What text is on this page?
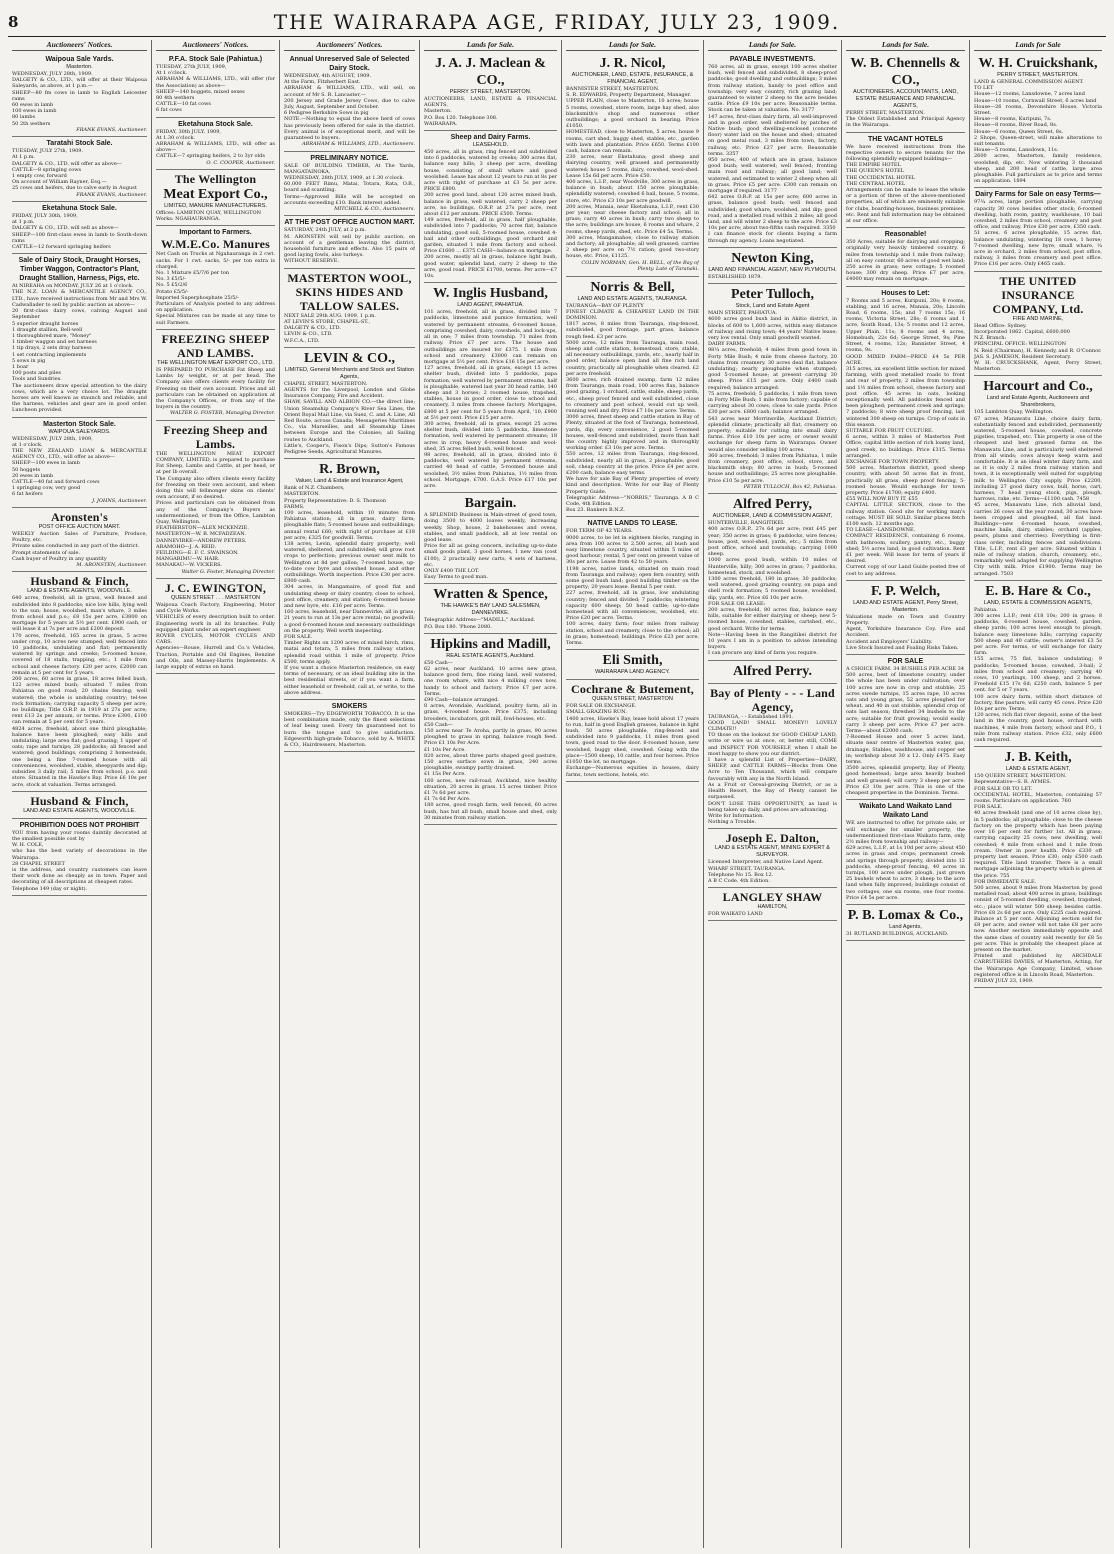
8	THE WAIRARAPA AGE, FRIDAY, JULY 23, 1909.
Auctioneers' Notices.
Waipoua Sale Yards.
Masterton.
WEDNESDAY, JULY 28th, 1909.
DALGETY & CO., LTD., will offer at their Waipoua Saleyards, as above, at 1 p.m.—
SHEEP—80 fm cows in lamb to English Leicester rams
60 ewes in lamb
100 ewes in lamb
80 lambs
50 2th wethers
FRANK EVANS, Auctioneer.
Taratahi Stock Sale.
TUESDAY, JULY 27th, 1909.
At 1 p.m.
DALGETY & CO., LTD. will offer as above—
CATTLE—8 springing cows
1 empty cow, forward
On account of William Rayner, Esq.—
25 cows and heifers, due to calve early in August
FRANK EVANS, Auctioneer.
Eketahuna Stock Sale.
FRIDAY, JULY 30th, 1909,
at 1 p.m.
DALGETY & CO., LTD. will sell as above—
SHEEP—100 first-class ewes in lamb to South-down rams
CATTLE—12 forward springing heifers
Sale of Dairy Stock, Draught Horses, Timber Waggon, Contractor's Plant, Draught Stallion, Harness, Pigs, etc.
At NIREAHA on MONDAY, JULY 26 at 1 o'clock.
THE N.Z. LOAN & MERCANTILE AGENCY CO., LTD., have received instructions from Mr and Mrs W. Cadwallader to sell by public auction as above—
20 first-class dairy cows, calving August and September
5 superior draught horses
1 draught stallion, Bell-well
1 thoroughbred mare, "Money"
1 timber waggon and set harness
1 tip drays, 2 sets dray harness
1 set contracting implements
5 sows in pig
1 boar
100 posts and piles
Tools and Sundries.
The auctioneers draw special attention to the dairy cows, which are a very choice lot. The draught horses are well known as staunch and reliable, and the harness, vehicles and gear are in good order. Luncheon provided.
Masterton Stock Sale.
WAIPOUA SALEYARDS.
WEDNESDAY, JULY 28th, 1909,
at 1 o'clock.
THE NEW ZEALAND LOAN & MERCANTILE AGENCY CO., LTD., will offer as above—
SHEEP—100 ewes in lamb
50 hoggets
20 ewes in lamb
CATTLE—40 fat and forward cows
1 springing cow, very good
6 fat heifers
J. JOHNS, Auctioneer.
Aronsten's
POST OFFICE AUCTION MART.
WEEKLY Auction Sales of Furniture, Produce, Poultry, etc.
Private sales conducted in any part of the district.
Prompt statements of sale.
Cash buyer of Poultry in any quantity
M. ARONSTEN, Auctioneer.
Husband & Finch,
LAND & ESTATE AGENTS, WOODVILLE.
640 acres, freehold, all in grass, well fenced and subdivided into 8 paddocks; nice low hills, lying well to the sun; house, woolshed, man's whare, 3 miles from school and p.o.; £8 15s per acre, £3800 on mortgage for 5 years at 5½ per cent. £900 cash, or will lease it at 7s per acre and £200 deposit.
170 acres, freehold, 165 acres in grass, 5 acres under crop, 10 acres new stumped; well fenced into 10 paddocks, undulating and flat; permanently watered by springs and creeks; 5-roomed house, covered of 18 stalls, trapping, etc.; 1 mile from school and cheese factory. £20 per acre, £2000 can remain at 5 per cent for 5 years.
200 acres, 60 acres in grass, 18 acres felled bush, 122 acres mixed bush; situated 7 miles from Pahiatua on good road; 20 chains fencing; well watered; the whole is undulating country; tel-tee rock formation; carrying capacity 5 sheep per acre; no buildings; Title O.R.P. in 1919 at 27s per acre; rent £13 2s per annum, or terms. Price £300, £100 can remain at 5 per cent for 5 years.
4824 acres, freehold, about one third ploughable; balance have been ploughed; easy hills and undulating; large area flat; good grazing; 1 upper of oats; rape and turnips; 28 paddocks; all fenced and watered; good buildings, comprising 2 homesteads, one being a fine 7-roomed house with all conveniences, woolshed, stable, sheepyards and dip; subsidies 3 daily rail; 5 miles from school, p.o. and store. Situated in the Hawke's Bay. Price £6 10s per acre, stock at valuation. Terms arranged.
Husband & Finch,
LAND AND ESTATE AGENTS, WOODVILLE.
PROHIBITION DOES NOT PROHIBIT
YOU from having your rooms daintily decorated at the smallest possible cost by
W. H. COLE,
who has the best variety of decorations in the Wairarapa.
28 CHAPEL STREET
is the address, and country customers can leave their work done as cheaply as in town. Paper and decorating of all descriptions at cheapest rates.
Telephone 149 (day or night).
Auctioneers' Notices.
P.F.A. Stock Sale (Pahiatua.)
TUESDAY, 27th JULY, 1909,
At 1 o'clock.
ABRAHAM & WILLIAMS, LTD., will offer (for the Association) as above—
SHEEP—140 hoggets, mixed sexes
80 4th wethers
CATTLE—10 fat cows
6 fat cows
Eketahuna Stock Sale.
FRIDAY, 30th JULY, 1909,
At 1.30 o'clock.
ABRAHAM & WILLIAMS, LTD., will offer as above—
CATTLE—7 springing heifers, 2 to 3yr olds
O. C. COOPER, Auctioneer.
The Wellington
Meat Export Co.,
LIMITED, MANURE MANUFACTURERS.
Offices: LAMBTON QUAY, WELLINGTON
Works: NGAHAURANGA.
Important to Farmers.
W.M.E.Co. Manures
Net Cash on Trucks at Ngahauranga in 2 cwt. sacks. For 1 cwt. sacks, 5/- per ton extra is charged.
No. 1 Mixture £5/7/6 per ton
No. 3 £5/5/-
No. 5 £5/2/6
Potato £5/5/-
Imported Superphosphate 25/5/-
Particulars of Analysis posted to any address on application.
Special Mixtures can be made at any time to suit Farmers.
FREEZING SHEEP AND LAMBS.
THE WELLINGTON MEAT EXPORT CO., LTD.
IS PREPARED TO PURCHASE Fat Sheep and Lambs by weight, or at per head. The Company also offers clients every facility for Freezing on their own account. Prices and all particulars can be obtained on application at the Company's Offices, or from any of the buyers in the country.
WALTER G. FOSTER, Managing Director.
Freezing Sheep and Lambs.
THE WELLINGTON MEAT EXPORT COMPANY, LIMITED, is prepared to purchase Fat Sheep, Lambs and Cattle, at per head, or at per lb overall.
The Company also offers clients every facility for freezing on their own account, and when doing this will fellmonger skins on clients' own account, if so desired.
Prices and particulars can be obtained from any of the Company's Buyers as undermentioned, or from the Office, Lambton Quay, Wellington.
FEATHERSTON—ALEX MCKENZIE.
MASTERTON—W. B. MCFADZEAN.
DANNEVIRKE—ANDREW PETERS.
ARAMOHO—J. A. REID.
FEILDING—E. F. C. SWAINSON.
MANGARIMU—W. HAIR.
MANAKAU—W. VICKERS.
Walter G. Foster, Managing Director.
J. C. EWINGTON,
QUEEN STREET . . . MASTERTON
Waipoua Coach Factory, Engineering, Motor and Cycle Works.
VEHICLES of every description built to order. Engineering work in all its branches. Fully equipped plant under an expert engineer.
ROVER CYCLES, MOTOR CYCLES AND CARS.
Agencies—Rouse, Hurrell and Co.'s Vehicles, Traction, Portable and Oil Engines, Benzine and Oils, and Massey-Harris Implements. A large supply of extras on hand.
Auctioneers' Notices.
Annual Unreserved Sale of Selected Dairy Stock.
WEDNESDAY, 4th AUGUST, 1909.
At the Farm, Fitzherbert East.
ABRAHAM & WILLIAMS, LTD., will sell, on account of Mr S. R. Lancaster,—
200 Jersey and Grade Jersey Cows, due to calve July, August, September and October.
6 Pedigree Berkshire Sows in pig
NOTE.—Nothing to equal the above herd of cows has previously been offered for sale in the district. Every animal is of exceptional merit, and will be guaranteed to buyers.
ABRAHAM & WILLIAMS, LTD., Auctioneers.
PRELIMINARY NOTICE.
SALE OF BUILDING TIMBER, At The Yards, MANGATAINOKA,
WEDNESDAY, 28th JULY, 1909, at 1.30 o'clock.
60,000 FEET Rimu, Matai, Totara, Rata, O.B., board and scantling.
Terms—Approved Bills will be accepted on accounts exceeding £10. Bank interest added.
MITCHELL & CO., Auctioneers.
AT THE POST OFFICE AUCTION MART.
SATURDAY, 24th JULY, at 2 p.m.
M. ARONSTEN will sell by public auction, on account of a gentleman leaving the district, household furniture and effects. Also 15 pairs of good laying fowls, also turkeys.
WITHOUT RESERVE.
MASTERTON WOOL, SKINS HIDES AND TALLOW SALES.
NEXT SALE 29th AUG. 1909, 1 p.m.
AT LEVIN'S STORE, CHAPEL-ST.,
DALGETY & CO., LTD.
LEVIN & CO., LTD.
W.F.C.A., LTD.
LEVIN & CO.,
LIMITED, General Merchants and Stock and Station Agents,
CHAPEL STREET, MASTERTON.
AGENTS for the Liverpool, London and Globe Insurance Company, Fire and Accident.
SHAW, SAVILL AND ALBION CO.—the direct line; Union Steamship Company's River Sea Lines, the Orient Royal Mail Line, via Suez, C. and A. Line, All Red Route, across Canada; Messageries Maritimes Co., via Marseilles, and all Steamship Lines between Europe and the Colonies; all Sailing routes to Auckland.
Little's, Cooper's, Fison's Dips; Sutton's Famous Pedigree Seeds, Agricultural Manures.
R. Brown,
Valuer, Land & Estate and Insurance Agent,
Bank of N.Z. Chambers,
MASTERTON.
Property Representative: D. S. Thomson
FARMS.
100 acres, leasehold, within 10 minutes from Pahiatua station; all in grass, dairy farm; ploughable flats; 5-roomed house and outbuildings; annual rental £60; with right of purchase at £18 per acre; £325 for goodwill. Terms.
138 acres, Levin, splendid dairy property; well watered, sheltered, and subdivided; will grow root crops to perfection; previous owner sent milk to Wellington at 8d per gallon; 7-roomed house, up-to-date cow byre and cowshed house, and other outbuildings. Worth inspection. Price £30 per acre. £800 cash.
304 acres, in Mangamaire, of good flat and undulating sheep or dairy country, close to school, post office, creamery, and station; 6-roomed house and new byre, etc. £16 per acre. Terms.
160 acres, leasehold, near Dannevirke, all in grass; 21 years to run at 13s per acre rental; no goodwill; a good 6-roomed house and necessary outbuildings on the property. Well worth inspecting.
FOR SALE.
Timber Rights on 1200 acres of mixed birch, rimu, matai and totara, 5 miles from railway station, splendid road within 1 mile of property. Price £500, terms apply.
If you want a choice Masterton residence, on easy terms of necessary, or an ideal building site in the best residential streets, or if you want a farm, either leasehold or freehold, call at, or write, to the above address.
SMOKERS
SMOKERS—Try EDGEWORTH TOBACCO. It is the best combination made, only the finest selections of leaf being used. Every tin guaranteed not to burn the tongue and to give satisfaction. Edgeworth high-grade Tobacco, sold by A. WHITE & CO., Hairdressers, Masterton.
Lands for Sale.
J. A. J. Maclean & CO.,
PERRY STREET, MASTERTON.
AUCTIONEERS, LAND, ESTATE & FINANCIAL AGENTS,
Masterton.
P.O. Box 120. Telephone 308.
WAIRARAPA.
Sheep and Dairy Farms.
LEASEHOLD.
450 acres, all in grass, ring fenced and subdivided into 6 paddocks, watered by creeks; 300 acres flat, balance easy hills; 3 sheep per acre, dwelling house, consisting of small whare and good woolshed. Lease has about 12 years to run at 8s per acre with right of purchase at £3 5s per acre. PRICE £800.
200 acres good land, about 120 acres mixed bush, balance in grass, well watered, carry 2 sheep per acre, no buildings, O.R.P. at 27s per acre, rent about £12 per annum. PRICE £500. Terms.
149 acres, freehold, all in grass, half ploughable, subdivided into 7 paddocks; 70 acres flat, balance undulating, good soil, 5-roomed house, cowshed 4-bail and other outbuildings, good orchard and garden, situated 1 mile from factory and school. Price £1600 ... £375 CASH—balance on mortgage.
200 acres, mostly all in grass, balance light bush, good water, splendid land, carry 2 sheep to the acre, good road. PRICE £1700, terms. Per acre—£7 10s.
W. Inglis Husband,
LAND AGENT, PAHIATUA.
101 acres, freehold, all in grass, divided into 7 paddocks, limestone and pumice formation, well watered by permanent streams, 6-roomed house, comprising cowshed, dairy, cowsheds, and lock-ups, all in one; 7 miles from township. 71 miles from railway. Price £7 per acre. The house and outbuildings are insured for £375. 1 mile from school and creamery. £3000 can remain on mortgage at 5½ per cent. Price £16 15s per acre.
127 acres, freehold, all in grass, except 15 acres shelter bush, divided into 5 paddocks, papa formation, well watered by permanent streams, half is ploughable, watered last year 30 head cattle, 140 sheep and 3 horses; 2 roomed house, trapshed, stables, house in good order, close to school and creamery, 3 miles from cheese factory. Mortgages, £800 at 5 per cent for 5 years from April, '10, £900 at 5½ per cent. Price £15 per acre.
300 acres, freehold, all in grass, except 25 acres shelter bush, divided into 5 paddocks, limestone formation, well watered by permanent streams; 18 acres in crop, heavy 6-roomed house and wool-shed, 35 acres felled bush, well fenced.
98 acres, freehold, all in grass, divided into 6 paddocks, well watered by permanent streams, carried 40 head of cattle, 5-roomed house and woolshed, 3½ miles from Pahiatua, 1½ miles from school. Mortgage, £700. G.A.S. Price £17 10s per acre.
Bargain.
A SPLENDID Business in Main-street of good town, doing 3500 to 4000 loaves weekly, increasing weekly. Shop, house, 2 bakehouses and ovens, stables, and small paddock, all at low rental on good lease.
Price for all as going concern, including up-to-date small goods plant, 3 good horses, 1 new van (cost £100), 2 practically new carts, 4 sets of harness, etc.
ONLY £400 THE LOT.
Easy Terms to good man.
Wratten & Spence,
THE HAWKE'S BAY LAND SALESMEN, DANNEVIRKE.
Telegraphic Address—"MADILL," Auckland.
P.O. Box 180. 'Phone 2080.
Hipkins and Madill,
REAL ESTATE AGENTS, Auckland.
£50 Cash—
62 acres, near Auckland, 10 acres new grass, balance good fern, fine rising land, well watered, one room whare, with nice 4 milking cows now, handy to school and factory. Price £7 per acre. Terms.
£90 Cash—balance arranged.
8 acres, Avondale, Auckland, poultry farm, all in grass, 4-roomed house. Price £375, including brooders, incubators, grit mill, fowl-houses, etc.
£50 Cash—
150 acres near Te Aroha, partly in grass, 90 acres ploughed to grass in spring, balance rough feed. Price £1 10s Per Acre.
£1 10s Per Acre.
820 acres, about three parts shaped good pasture, 150 acres surface sown in grass, 240 acres ploughable, swampy partly drained.
£1 15s Per Acre.
160 acres, new rail-road, Auckland, nice healthy situation, 20 acres in grass, 15 acres timber. Price £1 7s 6d per acre.
£1 7s 6d Per Acre.
180 acres, good rough farm, well fenced, 60 acres bush, has hut all bush, small house and shed, only 30 minutes from railway station.
Lands for Sale.
J. R. Nicol,
AUCTIONEER, LAND, ESTATE, INSURANCE, & FINANCIAL AGENT,
BANNISTER STREET, MASTERTON.
S. R. EDWARDS, Property Department, Manager.
UPPER PLAIN, close to Masterton, 10 acres; house 5 rooms, cowshed, store room, large hay shed, also blacksmith's shop and numerous other outbuildings; a good orchard in bearing. Price £1050.
HOMESTEAD, close to Masterton, 5 acres, house 9 rooms, cart shed, buggy shed, stables, etc., garden with lawn and plantation. Price £650. Terms £100 cash, balance can remain.
230 acres, near Eketahuna; good sheep and dairying country, well grassed and permanently watered; house 5 rooms, dairy, cowshed, wool-shed. Lease 15s 6d per acre. Price £50.
400 acres, L.I.P., near Woodville, 300 acres in grass, balance in bush; about 150 acres ploughable; splendidly watered; cowshed 6 bail, house, 5 rooms, store, etc. Price £3 10s per acre goodwill.
200 acres, Manaia, near Eketahuna, L.I.P., rent £30 per year; near cheese factory and school; all in grass; carry 40 acres in bush; carry two sheep to the acre; buildings are house, 6 rooms and whare, 2 rooms, sheep yards, shed, etc. Price £4 5s. Terms.
300 acres, Mangamahoe, close to railway station and factory; all ploughable; all well grassed; carries 2 sheep per acre on 7½ ration; good two-story house, etc. Price, £1125.
COLIN NORMAN, Gen. H. BELL, of the Bay of Plenty. Late of Taranaki.
Norris & Bell,
LAND AND ESTATE AGENTS, TAURANGA.
TAURANGA—BAY OF PLENTY
FINEST CLIMATE & CHEAPEST LAND IN THE DOMINION.
1817 acres, 8 miles from Tauranga, ring-fenced, subdivided, good frontage, part grass, balance rough feed. £3 per acre.
5000 acres, 12 miles from Tauranga, main road, sheep and cattle station, homestead, store, stable, all necessary outbuildings, yards, etc., nearly half in good order, balance open land all fine rich land country, practically all ploughable when cleared. £2 per acre freehold.
3600 acres, rich drained swamp, farm 12 miles from Tauranga, main road, 100 acres flax, balance good grazing, 1 orchard, cattle, stable, sheep yards, etc., sheep proof fenced and well subdivided, close to creamery and post school, would cut up well, running well and dry. Price £7 10s per acre. Terms.
3000 acres, finest sheep and cattle station in Bay of Plenty, situated at the foot of Tauranga, homestead, yards, dip, every convenience, 2 good 5-roomed houses, well-fenced and subdivided, more than half the country highly improved and in thoroughly working order. £3 10s per acre. Terms.
550 acres, 12 miles from Tauranga, ring-fenced, subdivided, nearly all in grass, 2 ploughable, good soil, cheap country at the price. Price £4 per acre. £200 cash, balance easy terms.
We have for sale Bay of Plenty properties of every kind and description. Write for our Bay of Plenty Property Guide.
Telegraphic Address—"NORRIS," Tauranga. A B C Code, 4th Edition.
Box 23. Bankers B.N.Z.
NATIVE LANDS TO LEASE.
FOR TERM OF 42 YEARS.
9000 acres, to be let in eighteen blocks, ranging in area from 100 acres to 2,500 acres, all bush and easy limestone country, situated within 5 miles of good harbour; rental, 5 per cent on present value of 30s per acre. Lease from 42 to 50 years.
1198 acres, native lands, situated on main road from Tauranga and railway; open fern country, with some good bush land; good building timber on the property; 20 years lease. Rental 5 per cent.
227 acres, freehold, all in grass, low undulating country; fenced and divided; 7 paddocks; wintering capacity 600 sheep; 50 head cattle; up-to-date homestead with all conveniences, woolshed, etc. Price £20 per acre. Terms.
100 acres, dairy farm; four miles from railway station, school and creamery, close to the school; all in grass; homestead; buildings. Price £23 per acre. Terms.
Eli Smith,
WAIRARAPA LAND AGENCY.
Cochrane & Butement,
QUEEN STREET, MASTERTON
FOR SALE OR EXCHANGE.
SMALL GRAZING RUN.
1400 acres, Hawke's Bay, lease hold about 17 years to run, half in good English grasses, balance in light bush, 50 acres ploughable, ring-fenced and subdivided into 9 paddocks, 11 miles from good town, good road to the door. 6-roomed house, new woolshed, buggy shed, cowshed. Going with the place—1500 sheep, 10 cattle, and four horses. Price £1050 the lot, no mortgage.
Exchange—Numerous equities in houses, dairy farms, town sections, hotels, etc.
Lands for Sale.
PAYABLE INVESTMENTS.
760 acres, all in grass, except 100 acres shelter bush, well fenced and subdivided, 8 sheep-proof paddocks; good dwelling and outbuildings; 3 miles from railway station, handy to post office and township; very easy country, rich grazing land; guaranteed to winter 2 sheep to the acre besides cattle. Price £9 10s per acre. Reasonable terms. Stock can be taken at valuation. No. 3177
147 acres, first-class dairy farm, all well-improved and in good order, well sheltered by patches of Native bush; good dwelling-enclosed (concrete floor) water laid on the house and shed; situated on good metal road, 3 miles from town, factory, railway, etc. Price £27 per acre. Reasonable terms. 3357
950 acres, 400 of which are in grass, balance good bush; well watered; well fenced; fronting main road and railway; all good land; well watered, and estimated to winter 2 sheep when all in grass. Price £5 per acre. £300 can remain on mortgage if required. 3177
642 acres O.R.P. at 15s per acre; 600 acres in grass, balance good bush; well fenced and subdivided; good whare, woolshed, and dip; good road, and a metalled road within 2 miles; all good land, and will winter 2 sheep to the acre. Price £3 10s per acre; about two-fifths cash required. 3350
I can finance stock for clients buying a farm through my agency. Loans negotiated.
Newton King,
LAND AND FINANCIAL AGENT, NEW PLYMOUTH.
ESTABLISHED 1879.
Peter Tulloch,
Stock, Land and Estate Agent
MAIN STREET, PAHIATUA.
4600 acres good bush land in Akitio district, in blocks of 600 to 1,600 acres, within easy distance of railway and rising town; 44 years' Native lease; very low rental. Only small goodwill wanted.
DAIRY FARMS.
98¼ acres, freehold; 4 miles from good town in Forty Mile Bush; 4 mile from cheese factory, 20 chains from creamery. 30 acres deal flat, balance undulating; nearly ploughable when stumped; good 5-roomed house; at present carrying 30 sheep. Price £15 per acre. Only £400 cash required; balance arranged.
75 acres, freehold; 5 paddocks; 1 mile from town in Forty Mile Bush; 1 mile from factory; capable of carrying about 30 cows; close to sale yards. Price £30 per acre. £800 cash; balance arranged.
543 acres near Morrinsville, Auckland District; splendid climate; practically all flat, creamery on property; suitable for cutting into small dairy farms. Price £10 10s per acre; or owner would exchange for sheep farm in Wairarapa. Owner would also consider selling 100 acres.
360 acres, freehold; 3 miles from Pahiatua, 1 mile from creamery, post office, school, store, and blacksmith shop; 80 acres in bush; 5-roomed house and outbuildings; 25 acres now ploughable. Price £10 5s per acre.
PETER TULLOCH, Box 42, Pahiatua.
Alfred Perry,
AUCTIONEER, LAND & COMMISSION AGENT,
HUNTERVILLE, RANGITIKEI.
400 acres O.R.P., 27s 6d per acre; rent £45 per year; 350 acres in grass; 6 paddocks, wire fences; house, post, wool-shed, yards, etc.; 5 miles from post office, school and township; carrying 1000 sheep.
1000 acres good bush, within 10 miles of Hunterville, hilly; 300 acres in grass; 7 paddocks, homestead, stock, and woolshed.
1300 acres freehold, 180 in grass; 30 paddocks; well watered, good grazing country, on papa and shell rock formation; 5 roomed house, woolshed, dip, yards, etc. Price £6 10s per acre.
FOR SALE OR LEASE:
200 acres, freehold, 80 acres flax, balance easy hills, suitable for either dairying or sheep; new 5-roomed house, cowshed, stables, cartshed, etc., good orchard. Write for terms.
Note—Having been in the Rangitikei district for 10 years I am in a position to advise intending buyers.
I can procure any kind of farm you require.
Alfred Perry.
Bay of Plenty - - - Land Agency,
TAURANGA, - - Established 1891.
GOOD LAND! SMALL MONEY!! LOVELY CLIMATE!!
TO those on the lookout for GOOD CHEAP LAND, write or wire us at once, or, better still, COME and INSPECT FOR YOURSELF, when I shall be most happy to show you our district.
I have a splendid List of Properties—DAIRY, SHEEP, and CATTLE FARMS—Blocks from One Acre to Ten Thousand, which will compare favourably with any in the North Island.
As a Fruit or Cereal-growing District, or as a Health Resort, the Bay of Plenty cannot be surpassed.
DON'T LOSE THIS OPPORTUNITY, as land is being taken up daily, and prices are advancing.
Write for Information.
Nothing a Trouble.
Joseph E. Dalton,
LAND & ESTATE AGENT, MINING EXPERT & SURVEYOR.
Licensed Interpreter, and Native Land Agent.
WHARF STREET, TAURANGA.
Telephone No 15. Box 12.
A B C Code. 4th Edition.
LANGLEY SHAW
HAMILTON,
FOR WAIKATO LAND
Lands for Sale.
W. B. Chennells & CO.,
AUCTIONEERS, ACCOUNTANTS, LAND, ESTATE INSURANCE AND FINANCIAL AGENTS,
PERRY STREET, MASTERTON.
The Oldest Established and Principal Agency in the Wairarapa.
THE VACANT HOTELS
We have received instructions from the respective owners to secure tenants for the following splendidly equipped buildings—
THE EMPIRE HOTEL
THE QUEEN'S HOTEL
THE OCCIDENTAL HOTEL
THE CENTRAL HOTEL
Arrangements can be made to lease the whole or a portion of three of the above-mentioned properties, all of which are eminently suitable for clubs, boarding-houses, business premises, etc. Rent and full information may be obtained at our office.
Reasonable!
350 Acres, suitable for dairying and cropping; originally very heavily timbered country, 6 miles from township and 1 mile from railway; all on easy contour, 60 acres of good wet land; 250 acres in grass; new cottage; 5 roomed house; 300 dry sheep. Price £7 per acre, £4000 may remain on mortgage.
Houses to Let:
7 Rooms and 5 acres, Kuripuni, 20s; 8 rooms, stabling, and 16 acres, Manaia, 20s; Lincoln Road, 6 rooms, 15s; and 7 rooms 15s; 16 rooms, Victoria Street, 28s; 6 rooms and 1 acre, South Road, 13s; 5 rooms and 12 acres, Upper Plain, 11s; 8 rooms and 4 acres, Homebush, 22s 6d; George Street, 9s; Pine Street, 4 rooms, 12s; Bannister Street, 4 rooms, 9s.
GOOD MIXED FARM—PRICE £4 5s PER ACRE.
315 acres, an excellent little section for mixed farming, with good metalled roads to front and rear of property, 2 miles from township and 1½ miles from school, cheese factory and post office. 45 acres in oats, looking exceptionally well. All paddocks fenced and been ploughed; permanent creek and springs; 7 paddocks; 8 wire sheep proof fencing, last wintered 300 sheep on turnips. Crop of oats in this season.
SUITABLE FOR FRUIT CULTURE.
6 acres, within 3 miles of Masterton Post Office, capital little section of rich loamy land, good creek, no buildings. Price £315. Terms arranged.
EXCHANGE FOR TOWN PROPERTY.
500 acres, Masterton district, good sheep country, with about 50 acres flat in front, practically all grass, sheep proof fencing, 5-roomed house. Would exchange for town property. Price £1700; equity £400.
£55 WILL NOW BUY IT. £55
CAPITAL LITTLE SECTION, close to the railway station. Good site for working man's cottage. MUST BE SOLD. Similar places fetch £100 each. 12 months ago.
TO LEASE—LANSDOWNE.
COMPACT RESIDENCE, containing 6 rooms, with bathroom, scullery, pantry, etc., buggy shed; 5½ acres land, in good cultivation. Rent £1 per week. Will lease for term of years if desired.
Current copy of our Land Guide posted free of cost to any address.
F. P. Welch,
LAND AND ESTATE AGENT, Perry Street, Masterton.
Valuations made on Town and Country Property.
Agent, Yorkshire Insurance Coy. Fire and Accident.
Accident and Employers' Liability.
Live Stock Insured and Foaling Risks Taken.
FOR SALE
A CHOICE FARM. 34 BUSHELS PER ACRE 34
500 acres, best of limestone country, under the whole has been under cultivation; over 100 acres are now in crop and stubble, 25 acres swede turnips, 15 acres rape, 10 acres oats and young grass, 52 acres ploughed for wheat, and 40 in oat stubble, splendid crop of oats last season; threshed 34 bushels to the acre; suitable for fruit growing; would easily carry 3 sheep per acre. Price £7 per acre. Terms—about £2000 cash.
7-Roomed House and over 5 acres land, situate near centre of Masterton water, gas, drainage, Stables, washhouse, and copper set in; workshop about 30 x 12. Only £475. Easy terms.
3500 acres, splendid property, Bay of Plenty, good homestead; large area heavily bushed and well grassed; will carry 3 sheep per acre. Price £3 10s per acre. This is one of the cheapest properties in the Dominion. Terms.
Waikato Land Waikato Land Waikato Land
WE are instructed to offer, for private sale, or will exchange for smaller property, the undermentioned first-class Waikato farm, only 2½ miles from township and railway—
629 acres, L.I.P., at 1s 10d per acre; about 450 acres in grass and crops; permanent creek and springs through property, divided into 12 paddocks, sheep-proof fencing, 40 acres in turnips, 100 acres under plough, just grown 25 bushels wheat to acre, 3 sheep to the acre land when fully improved; buildings consist of two cottages, one six rooms, one four rooms. Price £4 5s per acre.
P. B. Lomax & Co.,
Land Agents,
31 RUTLAND BUILDINGS, AUCKLAND.
Lands for Sale
W. H. Cruickshank,
PERRY STREET, MASTERTON.
LAND & GENERAL COMMISSION AGENT.
TO LET
House—12 rooms, Lansdowne, 7 acres land
House—10 rooms, Cornwall Street, 6 acres land
House—26 rooms, Devonshire House, Victoria Street.
House—8 rooms, Kuripuni, 7s.
House—8 rooms, River Road, 8s.
House—6 rooms, Queen Street, 8s.
2 Shops, Queen-street, will make alterations to suit tenants.
House—5 rooms, Lansdown, 11s.
2600 acres, Masterton, family residence, woolshed, dip, etc. Now wintering 3 thousand sheep, and 200 head of cattle, large area ploughable. Full particulars as to price and terms on application. 1894
Dairy Farms for Sale on easy Terms—
97¼ acres, large portion ploughable, carrying capacity 30 cows besides other stock; 6-roomed dwelling, bath room, pantry, washhouse, 10 bail cowshed, 2 miles from school, creamery and post office, and railway. Price £30 per acre, £350 cash.
51 acres, 6 acres ploughable, 15 acres flat, balance undulating, wintering 18 cows, 1 horse; 7-roomed dwelling, new byre, small whare, ¼ acre in orchard, 2 miles from school, post office, railway, 3 miles from creamery and post office. Price £16 per acre. Only £465 cash.
THE UNITED INSURANCE COMPANY, Ltd.
FIRE AND MARINE,
Head Office: Sydney.
Incorporated 1862. Capital, £600,000
N.Z. Branch:
PRINCIPAL OFFICE: WELLINGTON
N. Reid (Chairman), H. Kennedy, and R. O'Connor.
JAS. S. JAMESON, Resident Secretary.
W. H. CRUICKSHANK, Agent, Perry Street, Masterton.
Harcourt and Co.,
Land and Estate Agents, Auctioneers and Sharebrokers,
105 Lambton Quay, Wellington.
67 acres, Manawatu Line, choice dairy farm, substantially fenced and subdivided, permanently watered, 5-roomed house, cowshed, concrete pigsties, trapshed, etc. This property is one of the cheapest and best grassed farms on the Manawatu Line, and is particularly well sheltered from all winds; cows always keep warm and comfortable. It is an ideal winter dairy farm, and as it is only 2 miles from railway station and town, it is exceptionally well suited for supplying milk to Wellington City supply. Price £2200, including 27 good dairy cows, bull, horse, cart, harness, 7 head young stock, pigs, plough, harrows, rake, etc. Terms—£1100 cash. 7458
45 acres, Manawatu Line, rich alluvial land, carries 26 cows all the year round, 30 acres have been cropped and ploughed, all flat land. Buildings—new 6-roomed house, cowshed, machine bails, dairy, stables; orchard (apples, pears, plums and cherries). Everything is first-class order, including fences and subdivisions. Title, L.I.P., rent £3 per acre. Situated within 1 mile of railway station, church, creamery, etc., remarkably well adapted for supplying Wellington City with milk. Price £1900. Terms may be arranged. 7503
E. B. Hare & Co.,
LAND, ESTATE & COMMISSION AGENTS,
Pahiatua.
300 acres L.I.P.; rent £18 10s; 200 in grass; 8 paddocks, 6-roomed house, cowshed, garden, sheep yards; 100 acres level enough to plough, balance easy limestone hills; carrying capacity 500 sheep and 40 cattle; owner's interest £3 5s per acre. For terms, or will exchange for dairy farm.
155 acres, 75 flat, balance undulating; 9 paddocks; 5-roomed house, cowshed, 3-bail; 2 miles from school and creamery; carrying 40 cows, 10 yearlings, 100 sheep, and 2 horses. Freehold £15 17s 6d; £250 cash, balance 5 per cent. for 5 or 7 years.
100 acre dairy farm, within short distance of factory, fine pasture, will carry 45 cows. Price £20 10s per acre. Terms.
120 acres, rich flat river deposit, some of the best land in the country, good house, orchard with machines, 4 mile from factory, school and P.O., 1 mile from railway station. Price £32, only £600 cash required.
J. B. Keith,
LAND & ESTATE AGENT,
150 QUEEN STREET, MASTERTON.
Representative—S. R. AYMES.
FOR SALE OR TO LET.
OCCIDENTAL HOTEL, Masterton, containing 57 rooms. Particulars on application. 760
FOR SALE.
40 acres freehold (and one of 10 acres close by), in 5 paddocks; all ploughable; close to the cheese factory on the property which has been paying over 16 per cent for further 1st. All in grass; carrying capacity 25 cows; new dwelling, well cowshed; 4 mile from school and 1 mile from cream. Owner in poor health. Price £330 off property last season. Price £30; only £500 cash required. Title land transfer. There is a small mortgage adjoining the property which is given at the price. 755
FOR IMMEDIATE SALE.
500 acres, about 9 miles from Masterton by good metalled road; about 400 acres in grass; buildings consist of 5-roomed dwelling, cowshed, trapshed, etc.; place will winter 500 sheep besides cattle. Price £8 2s 6d per acre. Only £225 cash required. Balance at 5 per cent. Adjoining section sold for £8 per acre, and owner will not take £8 per acre now. Another section immediately opposite and the same class of country sold recently for £8 5s per acre. This is probably the cheapest place at present on the market.
Printed and published by ARCHDALE CARRUTHERS DAVIES, of Masterton, Acting, for the Wairarapa Age Company, Limited, whose registered office is in Lincoln Road, Masterton.
FRIDAY JULY 23, 1909.
